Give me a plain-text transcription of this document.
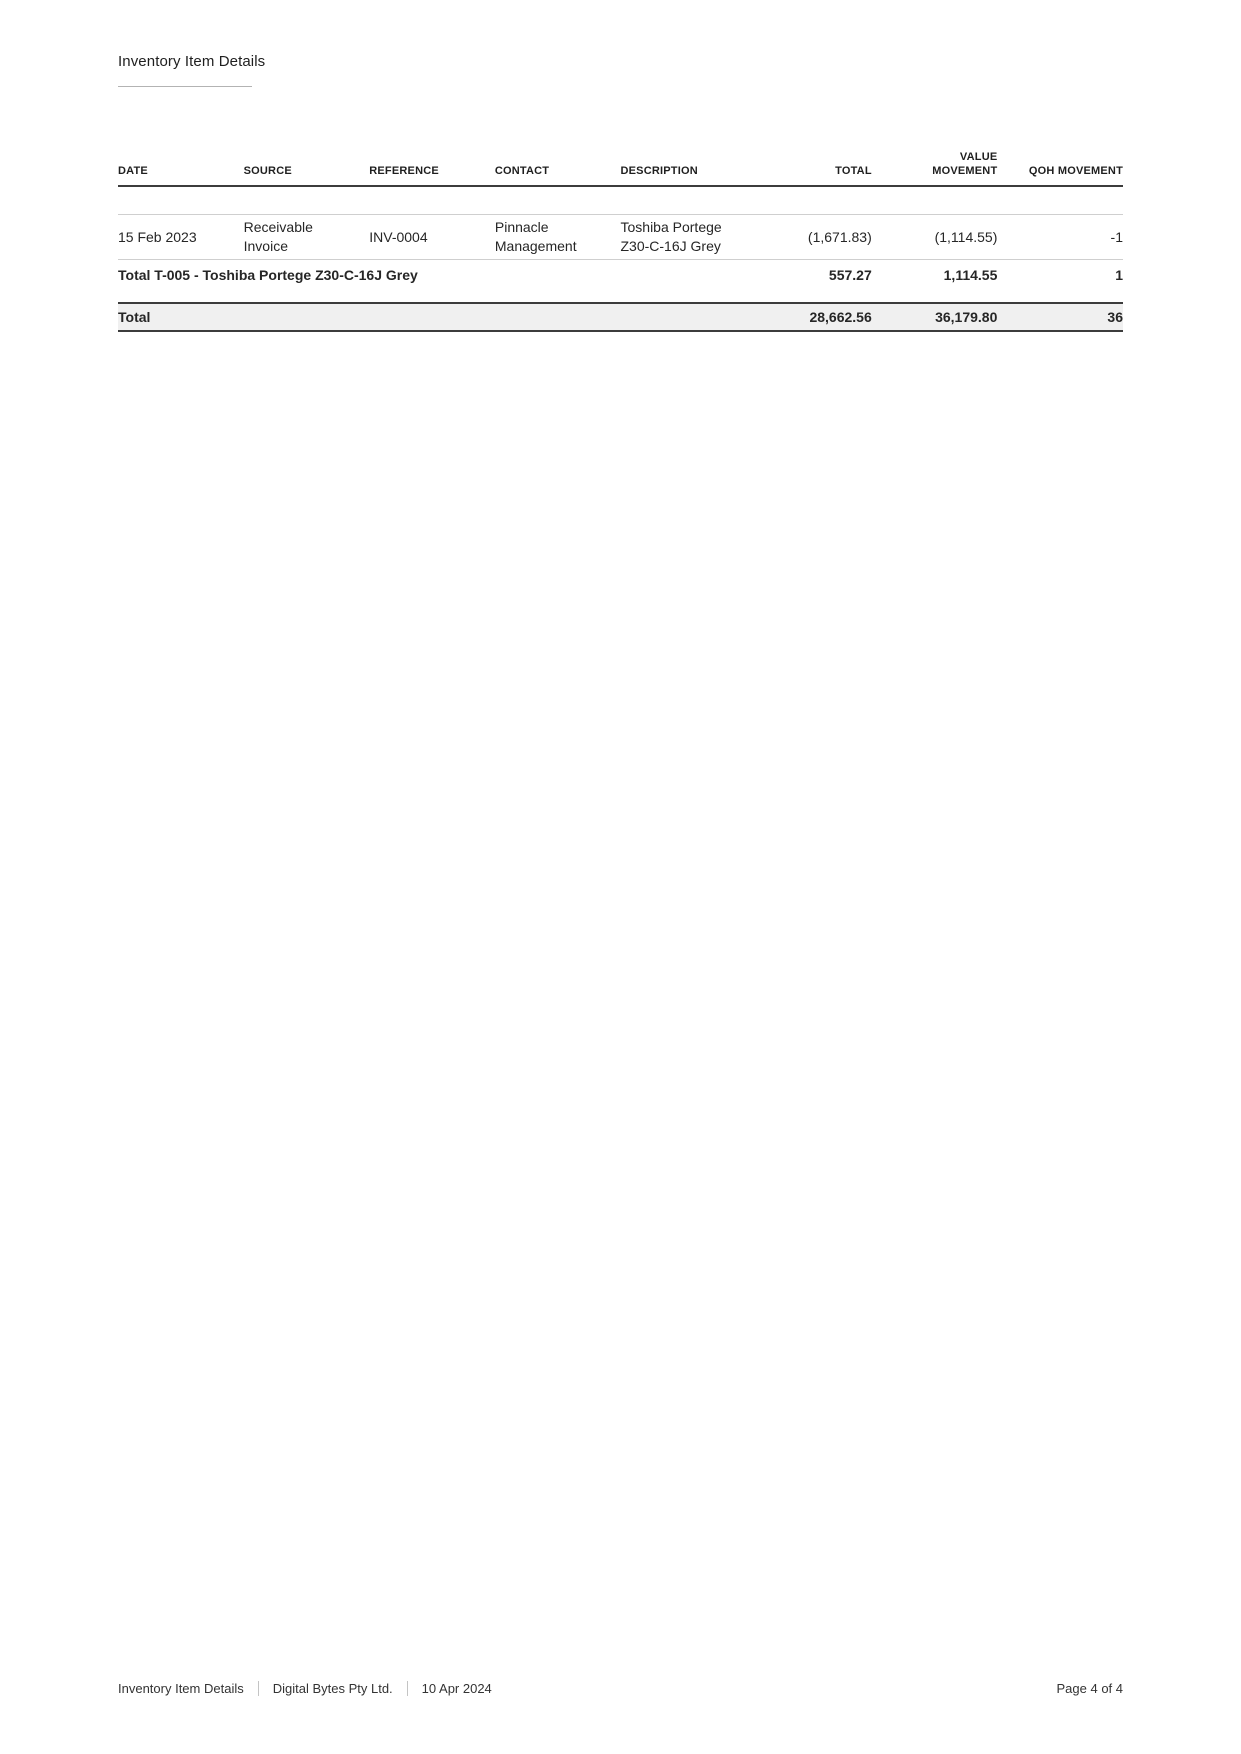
Inventory Item Details
DATE	SOURCE	REFERENCE	CONTACT	DESCRIPTION	TOTAL	VALUE MOVEMENT	QOH MOVEMENT

15 Feb 2023	Receivable Invoice	INV-0004	Pinnacle Management	Toshiba Portege Z30-C-16J Grey	(1,671.83)	(1,114.55)	-1
Total T-005 - Toshiba Portege Z30-C-16J Grey					557.27	1,114.55	1
Total					28,662.56	36,179.80	36
Inventory Item Details Digital Bytes Pty Ltd. 10 Apr 2024	Page 4 of 4
